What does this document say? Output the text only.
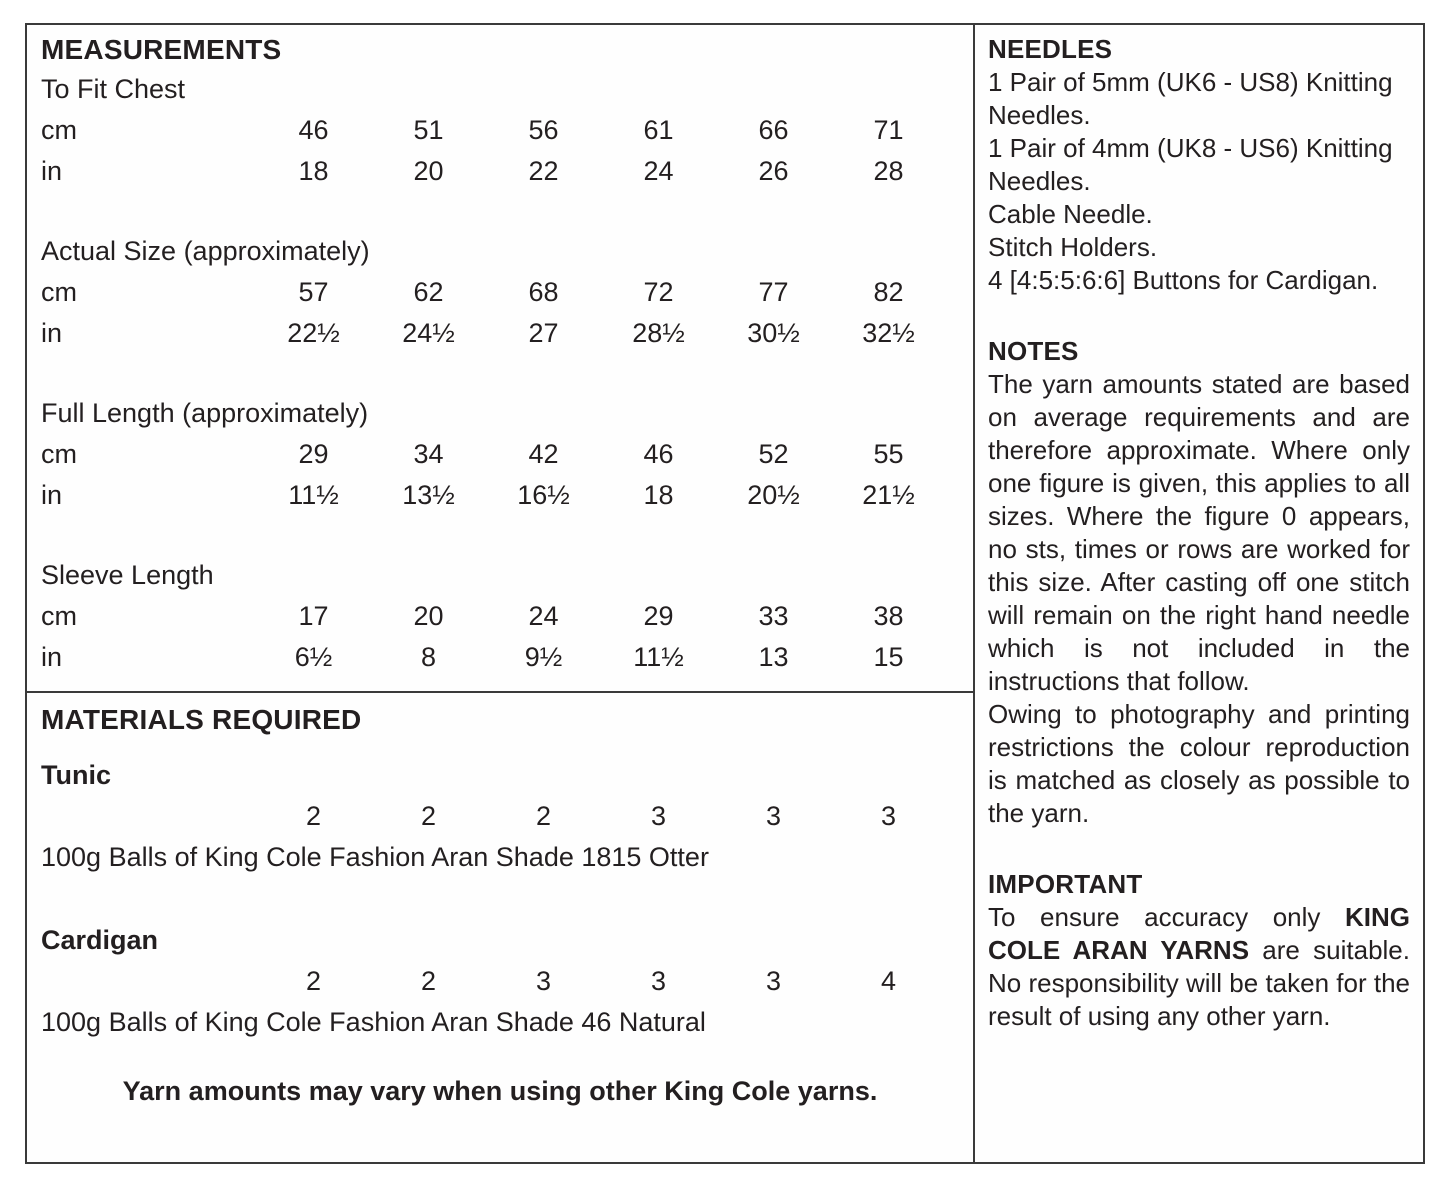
MEASUREMENTS
To Fit Chest
cm	46	51	56	61	66	71
in	18	20	22	24	26	28
Actual Size (approximately)
cm	57	62	68	72	77	82
in	22½	24½	27	28½	30½	32½
Full Length (approximately)
cm	29	34	42	46	52	55
in	11½	13½	16½	18	20½	21½
Sleeve Length
cm	17	20	24	29	33	38
in	6½	8	9½	11½	13	15
MATERIALS REQUIRED
Tunic
2	2	2	3	3	3
100g Balls of King Cole Fashion Aran Shade 1815 Otter
Cardigan
2	2	3	3	3	4
100g Balls of King Cole Fashion Aran Shade 46 Natural
Yarn amounts may vary when using other King Cole yarns.
NEEDLES
1 Pair of 5mm (UK6 - US8) Knitting Needles.
1 Pair of 4mm (UK8 - US6) Knitting Needles.
Cable Needle.
Stitch Holders.
4 [4:5:5:6:6] Buttons for Cardigan.
NOTES

The yarn amounts stated are based on average requirements and are therefore approximate. Where only one figure is given, this applies to all sizes. Where the figure 0 appears, no sts, times or rows are worked for this size. After casting off one stitch will remain on the right hand needle which is not included in the instructions that follow.

Owing to photography and printing restrictions the colour reproduction is matched as closely as possible to the yarn.

IMPORTANT

To ensure accuracy only KING COLE ARAN YARNS are suitable. No responsibility will be taken for the result of using any other yarn.
